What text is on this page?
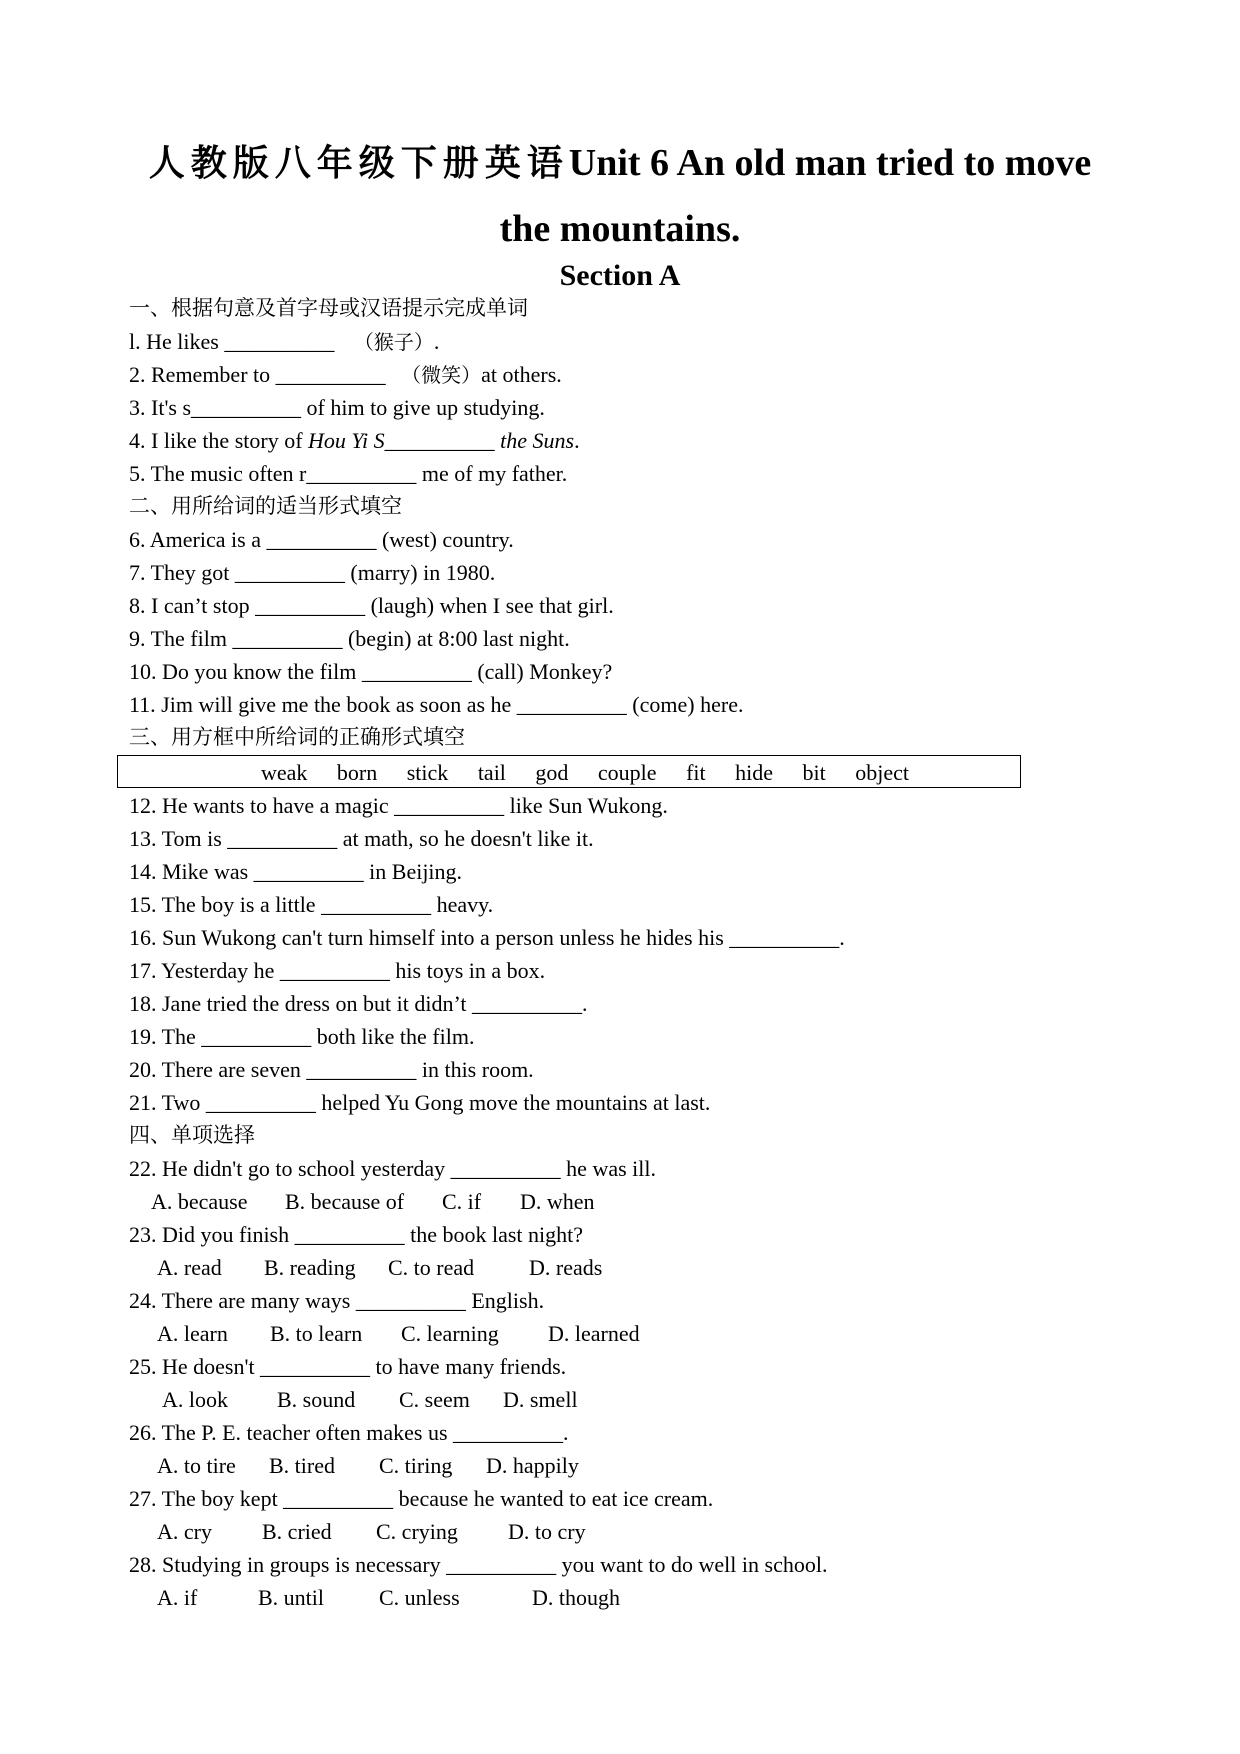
人教版八年级下册英语Unit 6 An old man tried to move
the mountains.
Section A
一、根据句意及首字母或汉语提示完成单词
l. He likes __________ （猴子）.
2. Remember to __________ （微笑）at others.
3. It's s__________ of him to give up studying.
4. I like the story of Hou Yi S__________ the Suns.
5. The music often r__________ me of my father.
二、用所给词的适当形式填空
6. America is a __________ (west) country.
7. They got __________ (marry) in 1980.
8. I can’t stop __________ (laugh) when I see that girl.
9. The film __________ (begin) at 8:00 last night.
10. Do you know the film __________ (call) Monkey?
11. Jim will give me the book as soon as he __________ (come) here.
三、用方框中所给词的正确形式填空
weak born stick tail god couple fit hide bit object
12. He wants to have a magic __________ like Sun Wukong.
13. Tom is __________ at math, so he doesn't like it.
14. Mike was __________ in Beijing.
15. The boy is a little __________ heavy.
16. Sun Wukong can't turn himself into a person unless he hides his __________.
17. Yesterday he __________ his toys in a box.
18. Jane tried the dress on but it didn’t __________.
19. The __________ both like the film.
20. There are seven __________ in this room.
21. Two __________ helped Yu Gong move the mountains at last.
四、单项选择
22. He didn't go to school yesterday __________ he was ill.
A. because B. because of C. if D. when
23. Did you finish __________ the book last night?
A. read B. reading C. to read D. reads
24. There are many ways __________ English.
A. learn B. to learn C. learning D. learned
25. He doesn't __________ to have many friends.
A. look B. sound C. seem D. smell
26. The P. E. teacher often makes us __________.
A. to tire B. tired C. tiring D. happily
27. The boy kept __________ because he wanted to eat ice cream.
A. cry B. cried C. crying D. to cry
28. Studying in groups is necessary __________ you want to do well in school.
A. if	B. until C. unless	D. though
